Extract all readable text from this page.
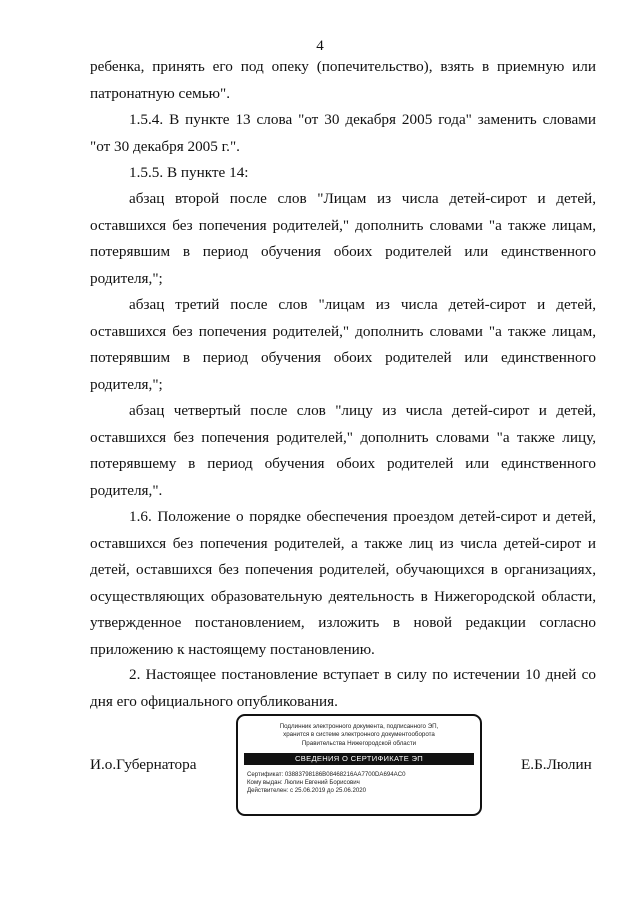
4

ребенка, принять его под опеку (попечительство), взять в приемную или патронатную семью".

1.5.4. В пункте 13 слова "от 30 декабря 2005 года" заменить словами "от 30 декабря 2005 г.".

1.5.5. В пункте 14:

абзац второй после слов "Лицам из числа детей-сирот и детей, оставшихся без попечения родителей," дополнить словами "а также лицам, потерявшим в период обучения обоих родителей или единственного родителя,";

абзац третий после слов "лицам из числа детей-сирот и детей, оставшихся без попечения родителей," дополнить словами "а также лицам, потерявшим в период обучения обоих родителей или единственного родителя,";

абзац четвертый после слов "лицу из числа детей-сирот и детей, оставшихся без попечения родителей," дополнить словами "а также лицу, потерявшему в период обучения обоих родителей или единственного родителя,".

1.6. Положение о порядке обеспечения проездом детей-сирот и детей, оставшихся без попечения родителей, а также лиц из числа детей-сирот и детей, оставшихся без попечения родителей, обучающихся в организациях, осуществляющих образовательную деятельность в Нижегородской области, утвержденное постановлением, изложить в новой редакции согласно приложению к настоящему постановлению.

2. Настоящее постановление вступает в силу по истечении 10 дней со дня его официального опубликования.

И.о.Губернатора
Подлинник электронного документа, подписанного ЭП,
хранится в системе электронного документооборота
Правительства Нижегородской области
СВЕДЕНИЯ О СЕРТИФИКАТЕ ЭП
Сертификат: 03883798186B08468216AA7700DA694AC0
Кому выдан: Люлин Евгений Борисович
Действителен: с 25.06.2019 до 25.06.2020
Е.Б.Люлин
